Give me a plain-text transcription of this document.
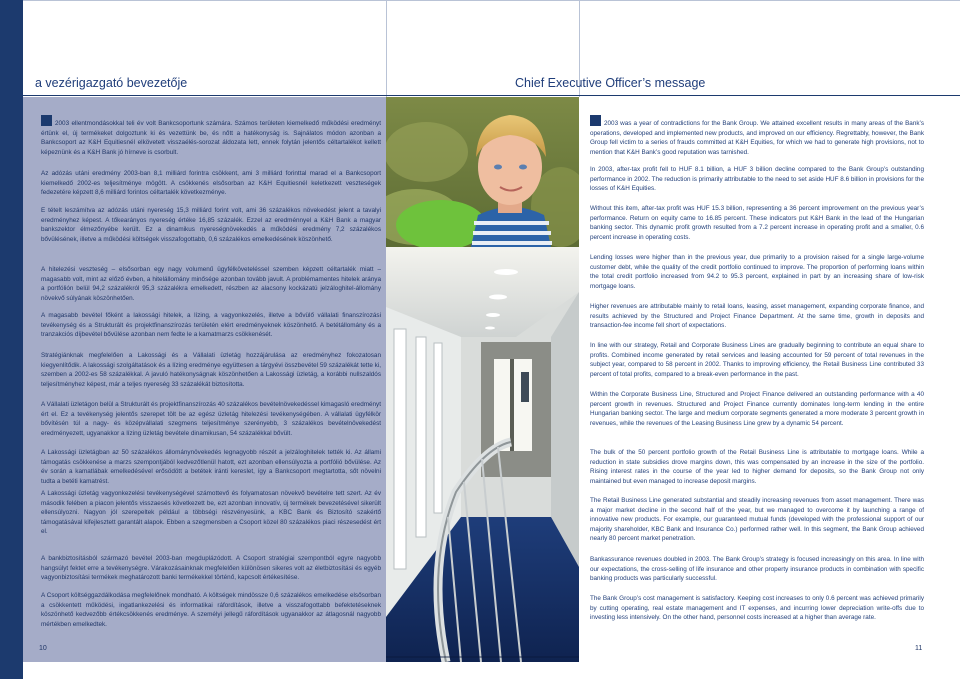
a vezérigazgató bevezetője	Chief Executive Officer’s message

2003 ellentmondásokkal teli év volt Bankcsoportunk számára. Számos területen kiemelkedő működési eredményt értünk el, új termékeket dolgoztunk ki és vezettünk be, és nőtt a hatékonyság is. Sajnálatos módon azonban a Bankcsoport az K&H Equitiesnél elkövetett visszaélés-sorozat áldozata lett, ennek folytán jelentős céltartalékot kellett képeznünk és a K&H Bank jó hírneve is csorbult.

Az adózás utáni eredmény 2003-ban 8,1 milliárd forintra csökkent, ami 3 milliárd forinttal marad el a Bankcsoport kiemelkedő 2002-es teljesítménye mögött. A csökkenés elsősorban az K&H Equitiesnél keletkezett veszteségek fedezetére képzett 8,6 milliárd forintos céltartalék következménye.

E tételt leszámítva az adózás utáni nyereség 15,3 milliárd forint volt, ami 36 százalékos növekedést jelent a tavalyi eredményhez képest. A tőkearányos nyereség értéke 16,85 százalék. Ezzel az eredménnyel a K&H Bank a magyar bankszektor élmezőnyébe került. Ez a dinamikus nyereségnövekedés a működési eredmény 7,2 százalékos bővülésének, illetve a működési költségek visszafogottabb, 0,6 százalékos emelkedésének köszönhető.

A hitelezési veszteség – elsősorban egy nagy volumenű ügyfélköveteléssel szemben képzett céltartalék miatt – magasabb volt, mint az előző évben, a hitelállomány minősége azonban tovább javult. A problémamentes hitelek aránya a portfólión belül 94,2 százalékról 95,3 százalékra emelkedett, részben az alacsony kockázatú jelzáloghitel-állomány növekvő súlyának köszönhetően.

A magasabb bevétel főként a lakossági hitelek, a lízing, a vagyonkezelés, illetve a bővülő vállalati finanszírozási tevékenység és a Strukturált és projektfinanszírozás területén elért eredményeknek köszönhető. A betétállomány és a tranzakciós díjbevétel bővülése azonban nem fedte le a kamatmarzs csökkenését.

Stratégiánknak megfelelően a Lakossági és a Vállalati üzletág hozzájárulása az eredményhez fokozatosan kiegyenlítődik. A lakossági szolgáltatások és a lízing eredménye együttesen a tárgyévi összbevétel 59 százalékát tette ki, szemben a 2002-es 58 százalékkal. A javuló hatékonyságnak köszönhetően a Lakossági üzletág, a korábbi nullszaldós teljesítményhez képest, már a teljes nyereség 33 százalékát biztosította.

A Vállalati üzletágon belül a Strukturált és projektfinanszírozás 40 százalékos bevételnövekedéssel kimagasló eredményt ért el. Ez a tevékenység jelentős szerepet tölt be az egész üzletág hitelezési tevékenységében. A vállalati ügyfélkör bővítésén túl a nagy- és középvállalati szegmens teljesítménye szerényebb, 3 százalékos bevételnövekedést eredményezett, ugyanakkor a lízing üzletág bevétele dinamikusan, 54 százalékkal bővült.

A Lakossági üzletágban az 50 százalékos állománynövekedés legnagyobb részét a jelzáloghitelek tették ki. Az állami támogatás csökkenése a marzs szempontjából kedvezőtlenül hatott, ezt azonban ellensúlyozta a portfólió bővülése. Az év során a kamatlábak emelkedésével erősödött a betétek iránti kereslet, így a Bankcsoport megtartotta, sőt növelni tudta a betéti kamatrést.

A Lakossági üzletág vagyonkezelési tevékenységével számottevő és folyamatosan növekvő bevételre tett szert. Az év második felében a piacon jelentős visszaesés következett be, ezt azonban innovatív, új termékek bevezetésével sikerült ellensúlyozni. Nagyon jól szerepeltek például a többségi részvényesünk, a KBC Bank és Biztosító szakértő támogatásával kifejlesztett garantált alapok. Ebben a szegmensben a Csoport közel 80 százalékos piaci részesedést ért el.

A bankbiztosításból származó bevétel 2003-ban megduplázódott. A Csoport stratégiai szempontból egyre nagyobb hangsúlyt fektet erre a tevékenységre. Várakozásainknak megfelelően különösen sikeres volt az életbiztosítási és egyéb vagyonbiztosítási termékek meghatározott banki termékekkel történő, kapcsolt értékesítése.

A Csoport költséggazdálkodása megfelelőnek mondható. A költségek mindössze 0,6 százalékos emelkedése elsősorban a csökkentett működési, ingatlankezelési és informatikai ráfordítások, illetve a visszafogottabb befektetéseknek köszönhető kedvezőbb értékcsökkenés eredménye. A személyi jellegű ráfordítások ugyanakkor az átlagosnál nagyobb mértékben emelkedtek.

2003 was a year of contradictions for the Bank Group. We attained excellent results in many areas of the Bank’s operations, developed and implemented new products, and improved on our efficiency. Regrettably, however, the Bank Group fell victim to a series of frauds committed at K&H Equities, for which we had to generate high provisions, not to mention that K&H Bank’s good reputation was tarnished.

In 2003, after-tax profit fell to HUF 8.1 billion, a HUF 3 billion decline compared to the Bank Group’s outstanding performance in 2002. The reduction is primarily attributable to the need to set aside HUF 8.6 billion in provisions for the losses of K&H Equities.

Without this item, after-tax profit was HUF 15.3 billion, representing a 36 percent improvement on the previous year’s performance. Return on equity came to 16.85 percent. These indicators put K&H Bank in the lead of the Hungarian banking sector. This dynamic profit growth resulted from a 7.2 percent increase in operating profit and a smaller, 0.6 percent increase in operating costs.

Lending losses were higher than in the previous year, due primarily to a provision raised for a single large-volume customer debt, while the quality of the credit portfolio continued to improve. The proportion of performing loans within the total credit portfolio increased from 94.2 to 95.3 percent, explained in part by an increasing share of low-risk mortgage loans.

Higher revenues are attributable mainly to retail loans, leasing, asset management, expanding corporate finance, and results achieved by the Structured and Project Finance Department. At the same time, growth in deposits and transaction-fee income fell short of expectations.

In line with our strategy, Retail and Corporate Business Lines are gradually beginning to contribute an equal share to profits. Combined income generated by retail services and leasing accounted for 59 percent of total revenues in the subject year, compared to 58 percent in 2002. Thanks to improving efficiency, the Retail Business Line contributed 33 percent of total profits, compared to a break-even performance in the past.

Within the Corporate Business Line, Structured and Project Finance delivered an outstanding performance with a 40 percent growth in revenues. Structured and Project Finance currently dominates long-term lending in the entire Hungarian banking sector. The large and medium corporate segments generated a more moderate 3 percent growth in revenues, while the revenues of the Leasing Business Line grew by a dynamic 54 percent.

The bulk of the 50 percent portfolio growth of the Retail Business Line is attributable to mortgage loans. While a reduction in state subsidies drove margins down, this was compensated by an increase in the size of the portfolio. Rising interest rates in the course of the year led to higher demand for deposits, so the Bank Group not only maintained but even managed to increase deposit margins.

The Retail Business Line generated substantial and steadily increasing revenues from asset management. There was a major market decline in the second half of the year, but we managed to overcome it by launching a range of innovative new products. For example, our guaranteed mutual funds (developed with the professional support of our majority shareholder, KBC Bank and Insurance Co.) performed rather well. In this segment, the Bank Group achieved nearly 80 percent market penetration.

Bankassurance revenues doubled in 2003. The Bank Group’s strategy is focused increasingly on this area. In line with our expectations, the cross-selling of life insurance and other property insurance products in combination with specific banking products was particularly successful.

The Bank Group’s cost management is satisfactory. Keeping cost increases to only 0.6 percent was achieved primarily by cutting operating, real estate management and IT expenses, and incurring lower depreciation write-offs due to investing less intensively. On the other hand, personnel costs increased at a higher than average rate.

10	11
